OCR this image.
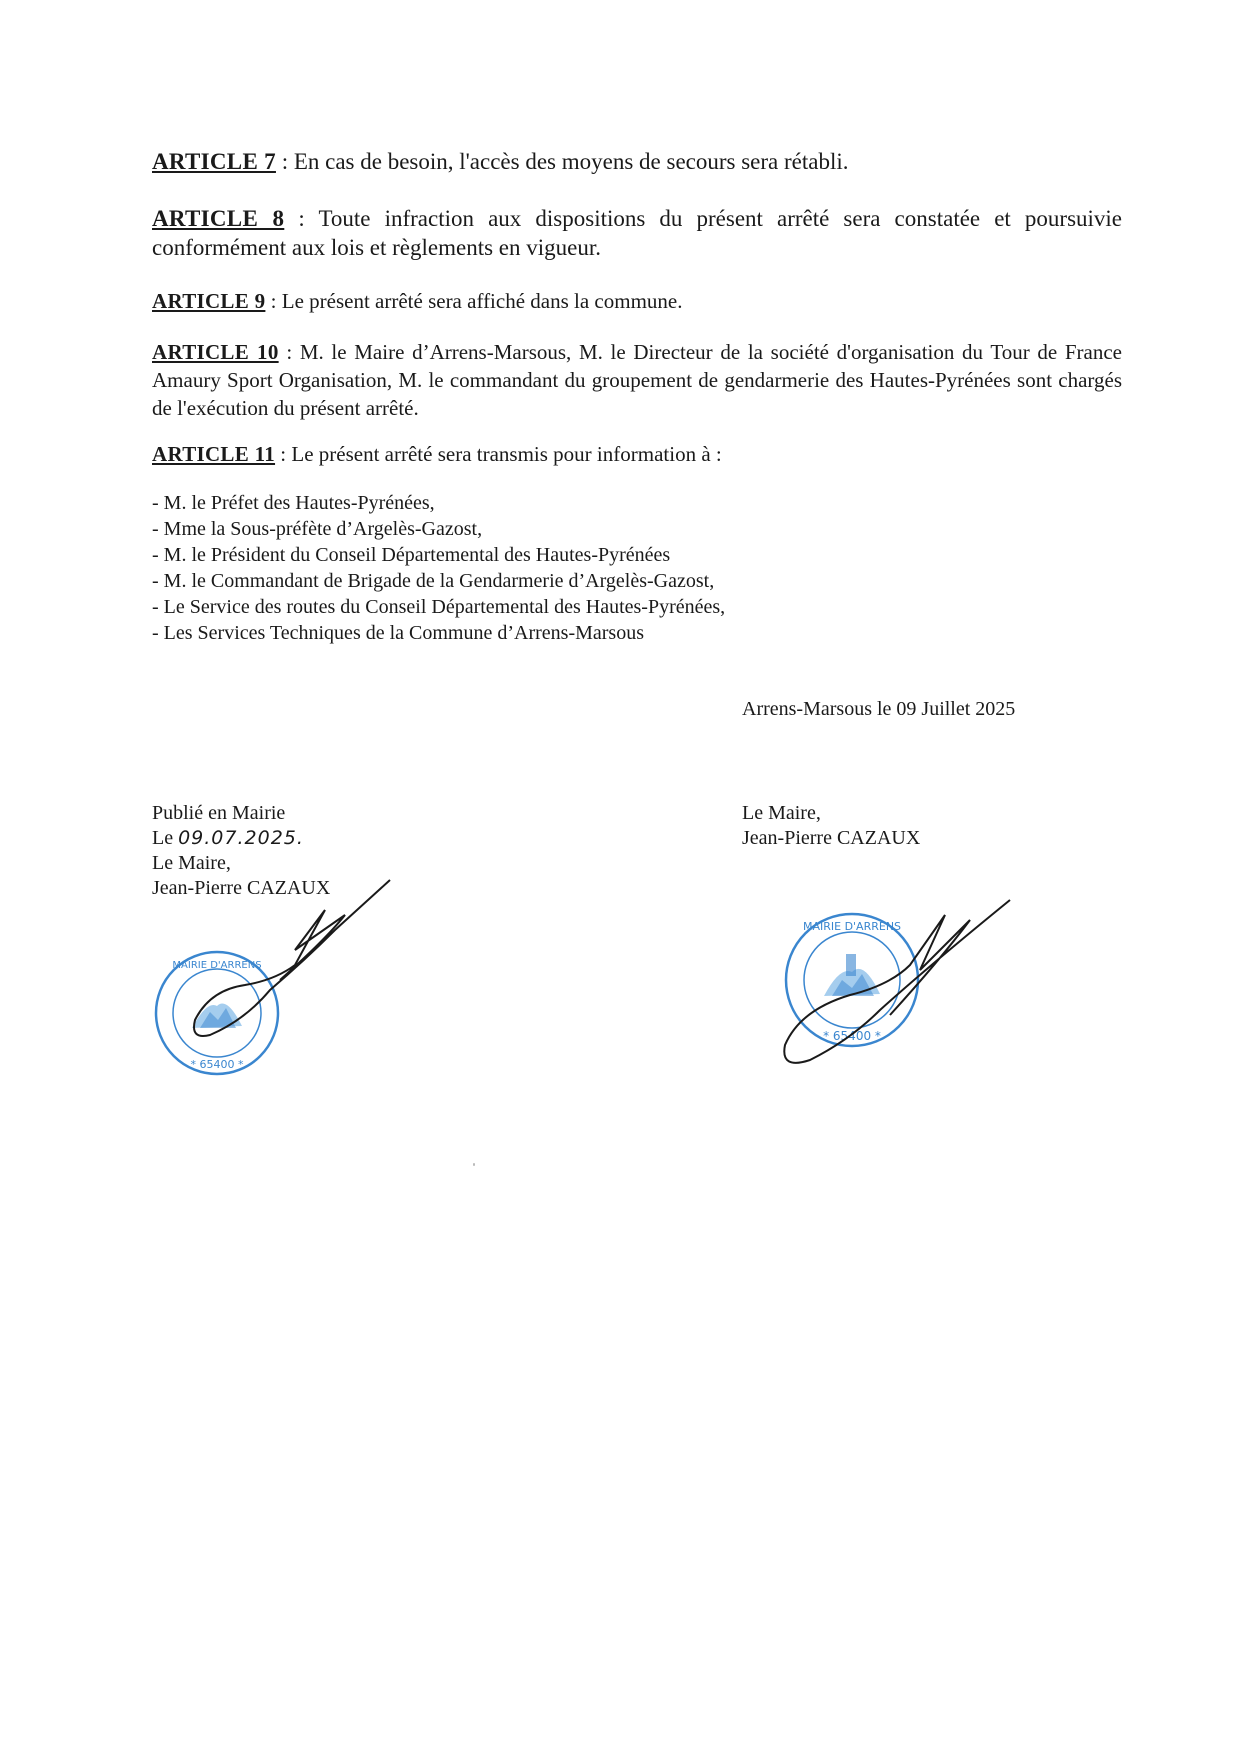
ARTICLE 7 : En cas de besoin, l'accès des moyens de secours sera rétabli.
ARTICLE 8 : Toute infraction aux dispositions du présent arrêté sera constatée et poursuivie conformément aux lois et règlements en vigueur.
ARTICLE 9 : Le présent arrêté sera affiché dans la commune.
ARTICLE 10 : M. le Maire d’Arrens-Marsous, M. le Directeur de la société d'organisation du Tour de France Amaury Sport Organisation, M. le commandant du groupement de gendarmerie des Hautes-Pyrénées sont chargés de l'exécution du présent arrêté.
ARTICLE 11 : Le présent arrêté sera transmis pour information à :
- M. le Préfet des Hautes-Pyrénées,
- Mme la Sous-préfète d’Argelès-Gazost,
- M. le Président du Conseil Départemental des Hautes-Pyrénées
- M. le Commandant de Brigade de la Gendarmerie d’Argelès-Gazost,
- Le Service des routes du Conseil Départemental des Hautes-Pyrénées,
- Les Services Techniques de la Commune d’Arrens-Marsous
Arrens-Marsous le 09 Juillet 2025
Publié en Mairie
Le 09.07.2025.
Le Maire,
Jean-Pierre CAZAUX
Le Maire,
Jean-Pierre CAZAUX
MAIRIE D'ARRENS
* 65400 *
MAIRIE D'ARRENS
* 65400 *
